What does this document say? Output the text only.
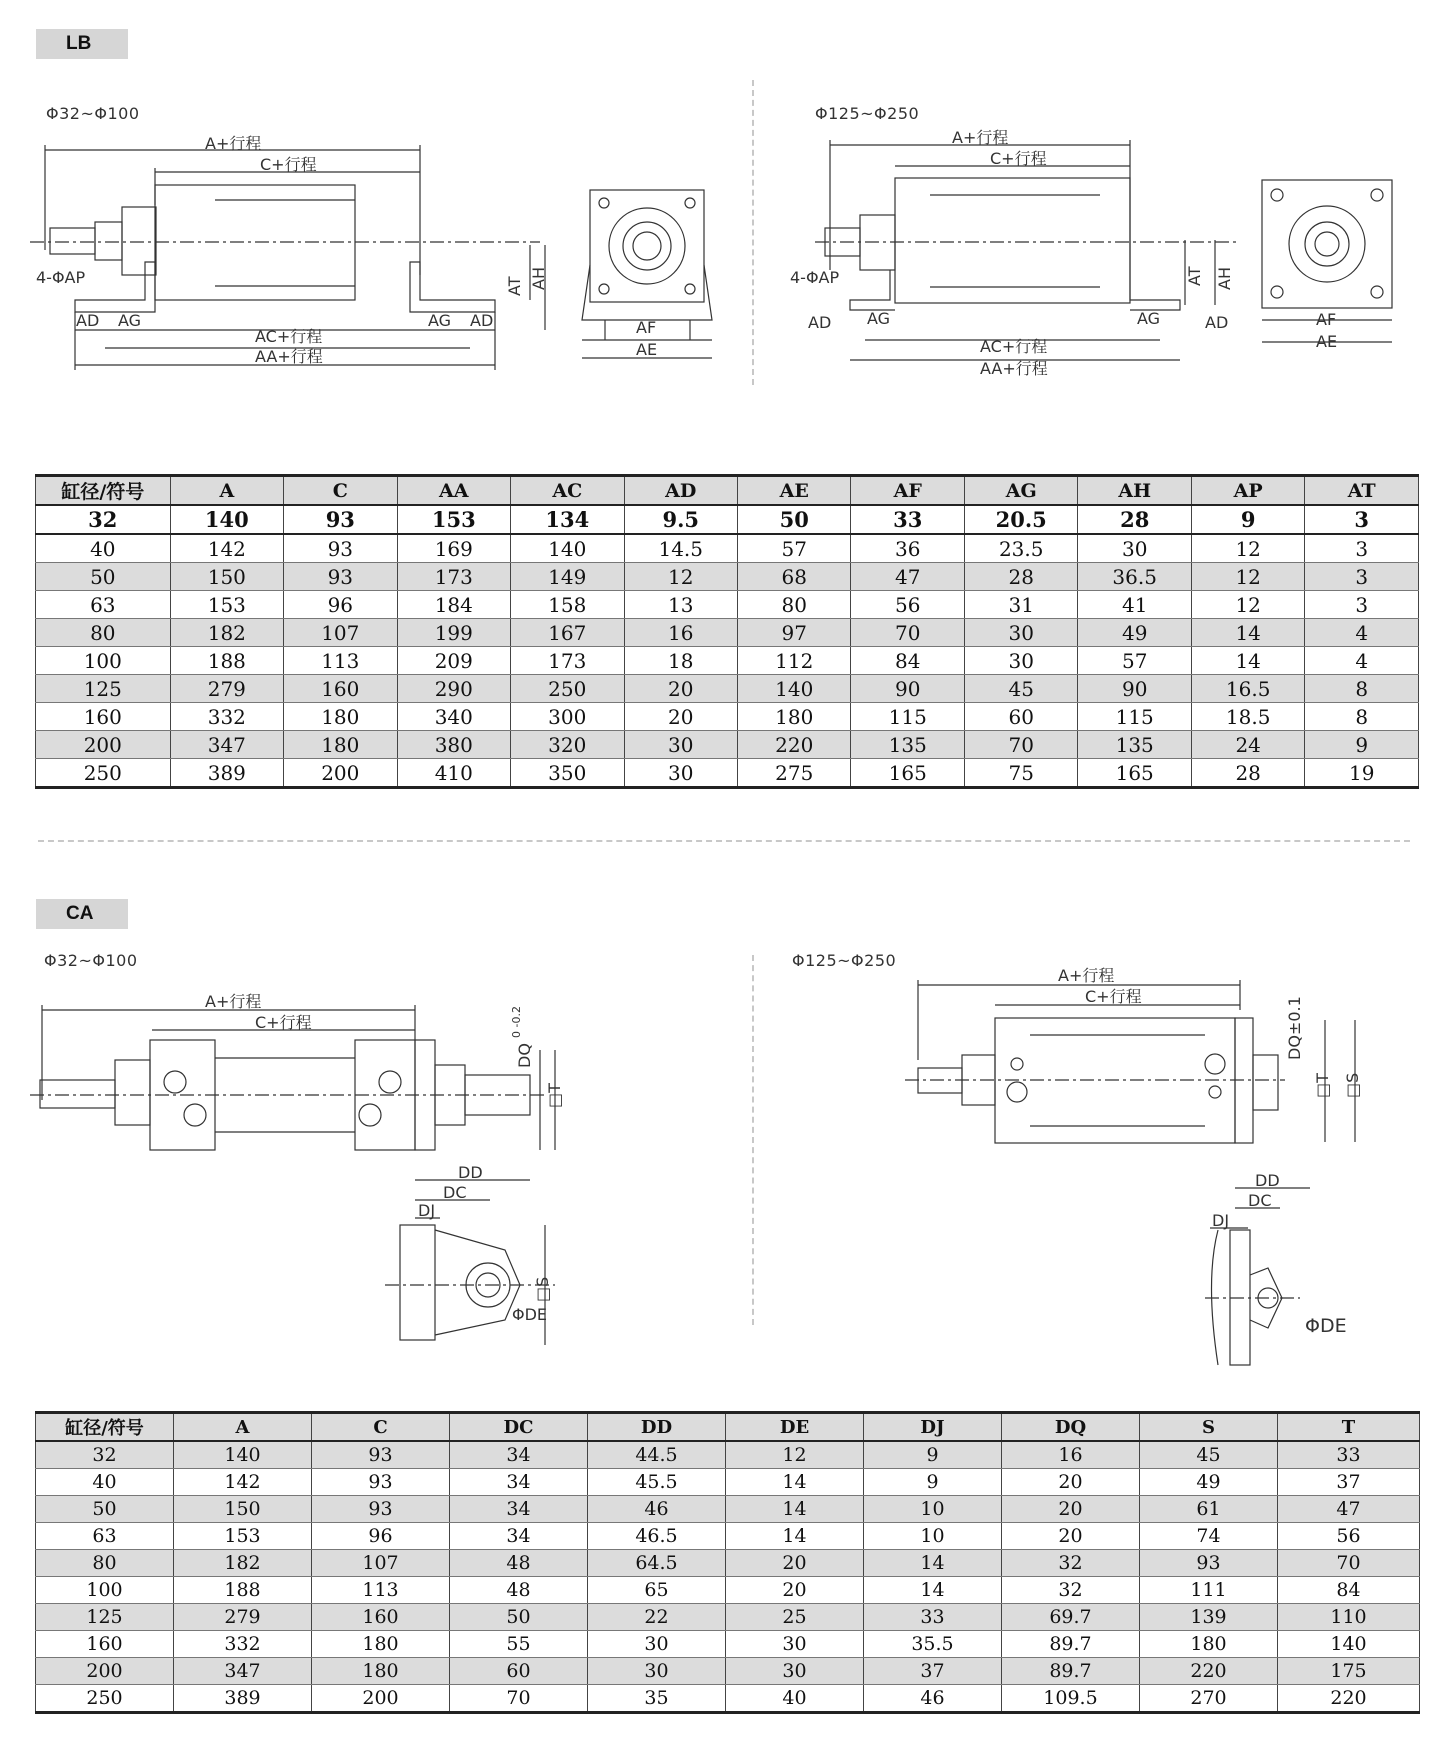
LB
Φ32~Φ100	Φ125~Φ250
A+行程
C+行程
4-ΦAP
AD AG	AG AD
AC+行程
AA+行程
AT AH
AF
AE
A+行程
C+行程
4-ΦAP
AD AG	AG	AD
AC+行程
AA+行程
AT AH
AF
AE
缸径/符号	A	C	AA	AC	AD	AE	AF	AG	AH	AP	AT
32	140	93	153	134	9.5	50	33	20.5	28	9	3
40	142	93	169	140	14.5	57	36	23.5	30	12	3
50	150	93	173	149	12	68	47	28	36.5	12	3
63	153	96	184	158	13	80	56	31	41	12	3
80	182	107	199	167	16	97	70	30	49	14	4
100	188	113	209	173	18	112	84	30	57	14	4
125	279	160	290	250	20	140	90	45	90	16.5	8
160	332	180	340	300	20	180	115	60	115	18.5	8
200	347	180	380	320	30	220	135	70	135	24	9
250	389	200	410	350	30	275	165	75	165	28	19
CA
Φ32~Φ100	Φ125~Φ250
A+行程
C+行程
DQ
0 -0.2
□T
DD
DC
DJ
ΦDE
□S
A+行程
C+行程	DQ±0.1
□T □S
DD
DC
DJ
ΦDE
缸径/符号	A	C	DC	DD	DE	DJ	DQ	S	T
32	140	93	34	44.5	12	9	16	45	33
40	142	93	34	45.5	14	9	20	49	37
50	150	93	34	46	14	10	20	61	47
63	153	96	34	46.5	14	10	20	74	56
80	182	107	48	64.5	20	14	32	93	70
100	188	113	48	65	20	14	32	111	84
125	279	160	50	22	25	33	69.7	139	110
160	332	180	55	30	30	35.5	89.7	180	140
200	347	180	60	30	30	37	89.7	220	175
250	389	200	70	35	40	46	109.5	270	220
